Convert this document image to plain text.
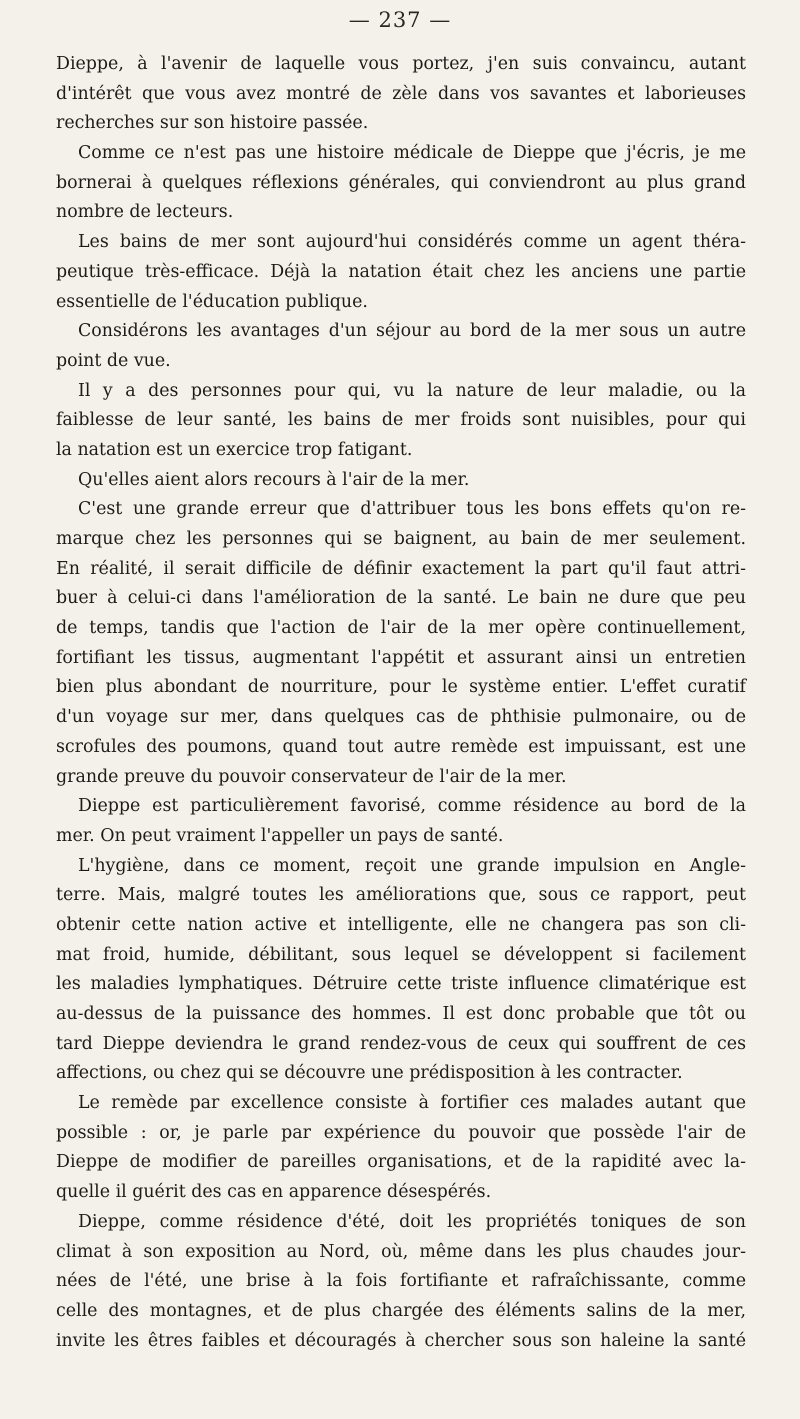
— 237 —
Dieppe, à l'avenir de laquelle vous portez, j'en suis convaincu, autant
d'intérêt que vous avez montré de zèle dans vos savantes et laborieuses
recherches sur son histoire passée.
Comme ce n'est pas une histoire médicale de Dieppe que j'écris, je me
bornerai à quelques réflexions générales, qui conviendront au plus grand
nombre de lecteurs.
Les bains de mer sont aujourd'hui considérés comme un agent théra-
peutique très-efficace. Déjà la natation était chez les anciens une partie
essentielle de l'éducation publique.
Considérons les avantages d'un séjour au bord de la mer sous un autre
point de vue.
Il y a des personnes pour qui, vu la nature de leur maladie, ou la
faiblesse de leur santé, les bains de mer froids sont nuisibles, pour qui
la natation est un exercice trop fatigant.
Qu'elles aient alors recours à l'air de la mer.
C'est une grande erreur que d'attribuer tous les bons effets qu'on re-
marque chez les personnes qui se baignent, au bain de mer seulement.
En réalité, il serait difficile de définir exactement la part qu'il faut attri-
buer à celui-ci dans l'amélioration de la santé. Le bain ne dure que peu
de temps, tandis que l'action de l'air de la mer opère continuellement,
fortifiant les tissus, augmentant l'appétit et assurant ainsi un entretien
bien plus abondant de nourriture, pour le système entier. L'effet curatif
d'un voyage sur mer, dans quelques cas de phthisie pulmonaire, ou de
scrofules des poumons, quand tout autre remède est impuissant, est une
grande preuve du pouvoir conservateur de l'air de la mer.
Dieppe est particulièrement favorisé, comme résidence au bord de la
mer. On peut vraiment l'appeller un pays de santé.
L'hygiène, dans ce moment, reçoit une grande impulsion en Angle-
terre. Mais, malgré toutes les améliorations que, sous ce rapport, peut
obtenir cette nation active et intelligente, elle ne changera pas son cli-
mat froid, humide, débilitant, sous lequel se développent si facilement
les maladies lymphatiques. Détruire cette triste influence climatérique est
au-dessus de la puissance des hommes. Il est donc probable que tôt ou
tard Dieppe deviendra le grand rendez-vous de ceux qui souffrent de ces
affections, ou chez qui se découvre une prédisposition à les contracter.
Le remède par excellence consiste à fortifier ces malades autant que
possible : or, je parle par expérience du pouvoir que possède l'air de
Dieppe de modifier de pareilles organisations, et de la rapidité avec la-
quelle il guérit des cas en apparence désespérés.
Dieppe, comme résidence d'été, doit les propriétés toniques de son
climat à son exposition au Nord, où, même dans les plus chaudes jour-
nées de l'été, une brise à la fois fortifiante et rafraîchissante, comme
celle des montagnes, et de plus chargée des éléments salins de la mer,
invite les êtres faibles et découragés à chercher sous son haleine la santé
